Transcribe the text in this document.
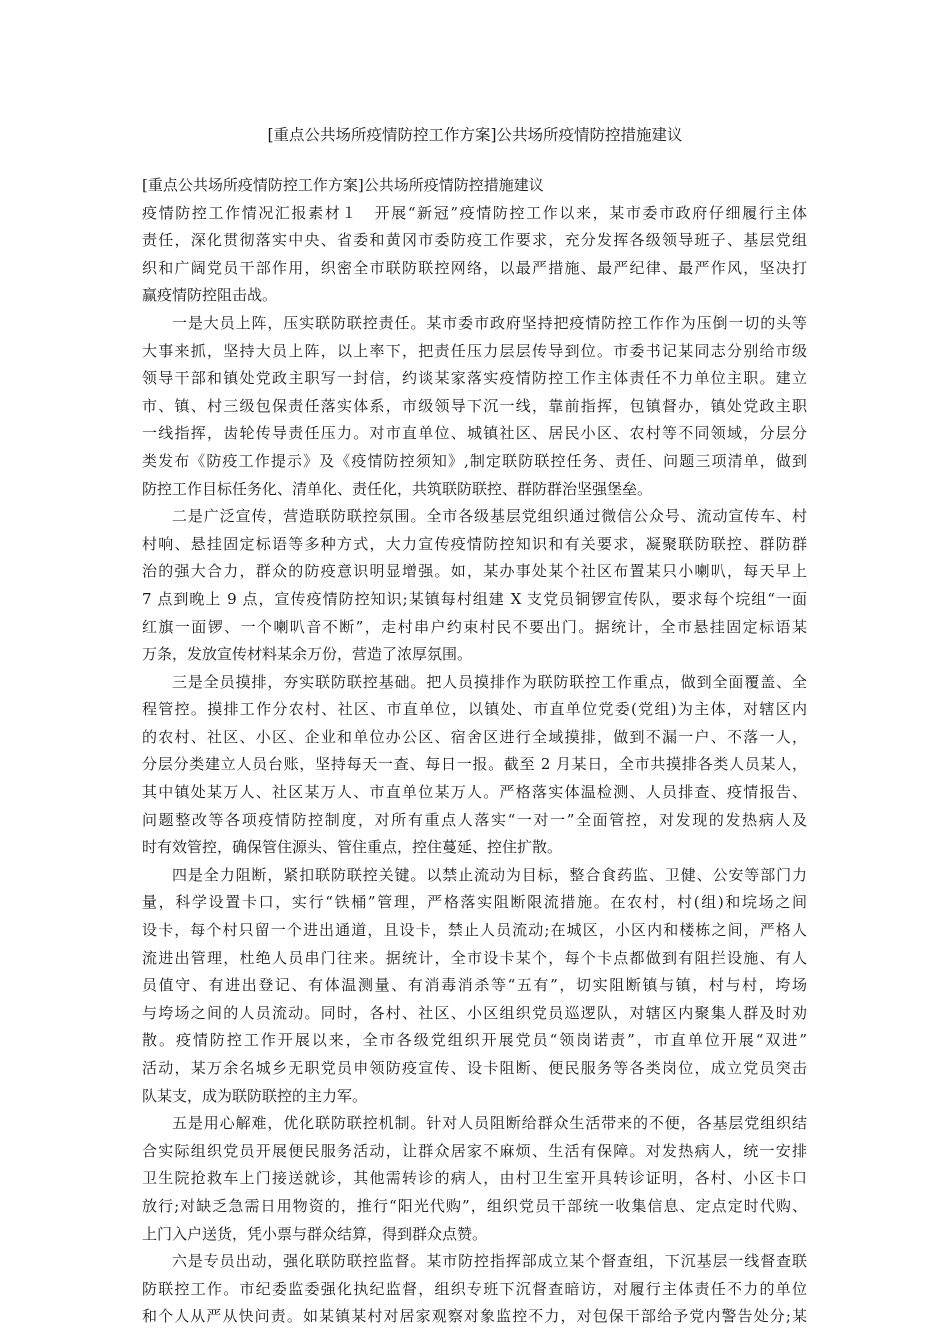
[重点公共场所疫情防控工作方案]公共场所疫情防控措施建议
[重点公共场所疫情防控工作方案]公共场所疫情防控措施建议
疫情防控工作情况汇报素材１　开展“新冠”疫情防控工作以来，某市委市政府仔细履行主体
责任，深化贯彻落实中央、省委和黄冈市委防疫工作要求，充分发挥各级领导班子、基层党组
织和广阔党员干部作用，织密全市联防联控网络，以最严措施、最严纪律、最严作风，坚决打
赢疫情防控阻击战。
一是大员上阵，压实联防联控责任。某市委市政府坚持把疫情防控工作作为压倒一切的头等
大事来抓，坚持大员上阵，以上率下，把责任压力层层传导到位。市委书记某同志分别给市级
领导干部和镇处党政主职写一封信，约谈某家落实疫情防控工作主体责任不力单位主职。建立
市、镇、村三级包保责任落实体系，市级领导下沉一线，靠前指挥，包镇督办，镇处党政主职
一线指挥，齿轮传导责任压力。对市直单位、城镇社区、居民小区、农村等不同领域，分层分
类发布《防疫工作提示》及《疫情防控须知》,制定联防联控任务、责任、问题三项清单，做到
防控工作目标任务化、清单化、责任化，共筑联防联控、群防群治坚强堡垒。
二是广泛宣传，营造联防联控氛围。全市各级基层党组织通过微信公众号、流动宣传车、村
村响、悬挂固定标语等多种方式，大力宣传疫情防控知识和有关要求，凝聚联防联控、群防群
治的强大合力，群众的防疫意识明显增强。如，某办事处某个社区布置某只小喇叭，每天早上
7 点到晚上 9 点，宣传疫情防控知识;某镇每村组建 X 支党员铜锣宣传队，要求每个垸组“一面
红旗一面锣、一个喇叭音不断”，走村串户约束村民不要出门。据统计，全市悬挂固定标语某
万条，发放宣传材料某余万份，营造了浓厚氛围。
三是全员摸排，夯实联防联控基础。把人员摸排作为联防联控工作重点，做到全面覆盖、全
程管控。摸排工作分农村、社区、市直单位，以镇处、市直单位党委(党组)为主体，对辖区内
的农村、社区、小区、企业和单位办公区、宿舍区进行全域摸排，做到不漏一户、不落一人，
分层分类建立人员台账，坚持每天一查、每日一报。截至 2 月某日，全市共摸排各类人员某人，
其中镇处某万人、社区某万人、市直单位某万人。严格落实体温检测、人员排查、疫情报告、
问题整改等各项疫情防控制度，对所有重点人落实“一对一”全面管控，对发现的发热病人及
时有效管控，确保管住源头、管住重点，控住蔓延、控住扩散。
四是全力阻断，紧扣联防联控关键。以禁止流动为目标，整合食药监、卫健、公安等部门力
量，科学设置卡口，实行“铁桶”管理，严格落实阻断限流措施。在农村，村(组)和垸场之间
设卡，每个村只留一个进出通道，且设卡，禁止人员流动;在城区，小区内和楼栋之间，严格人
流进出管理，杜绝人员串门往来。据统计，全市设卡某个，每个卡点都做到有阻拦设施、有人
员值守、有进出登记、有体温测量、有消毒消杀等“五有”，切实阻断镇与镇，村与村，垮场
与垮场之间的人员流动。同时，各村、社区、小区组织党员巡逻队，对辖区内聚集人群及时劝
散。疫情防控工作开展以来，全市各级党组织开展党员“领岗诺责”，市直单位开展“双进”
活动，某万余名城乡无职党员申领防疫宣传、设卡阻断、便民服务等各类岗位，成立党员突击
队某支，成为联防联控的主力军。
五是用心解难，优化联防联控机制。针对人员阻断给群众生活带来的不便，各基层党组织结
合实际组织党员开展便民服务活动，让群众居家不麻烦、生活有保障。对发热病人，统一安排
卫生院抢救车上门接送就诊，其他需转诊的病人，由村卫生室开具转诊证明，各村、小区卡口
放行;对缺乏急需日用物资的，推行“阳光代购”，组织党员干部统一收集信息、定点定时代购、
上门入户送货，凭小票与群众结算，得到群众点赞。
六是专员出动，强化联防联控监督。某市防控指挥部成立某个督查组，下沉基层一线督查联
防联控工作。市纪委监委强化执纪监督，组织专班下沉督查暗访，对履行主体责任不力的单位
和个人从严从快问责。如某镇某村对居家观察对象监控不力，对包保干部给予党内警告处分;某
